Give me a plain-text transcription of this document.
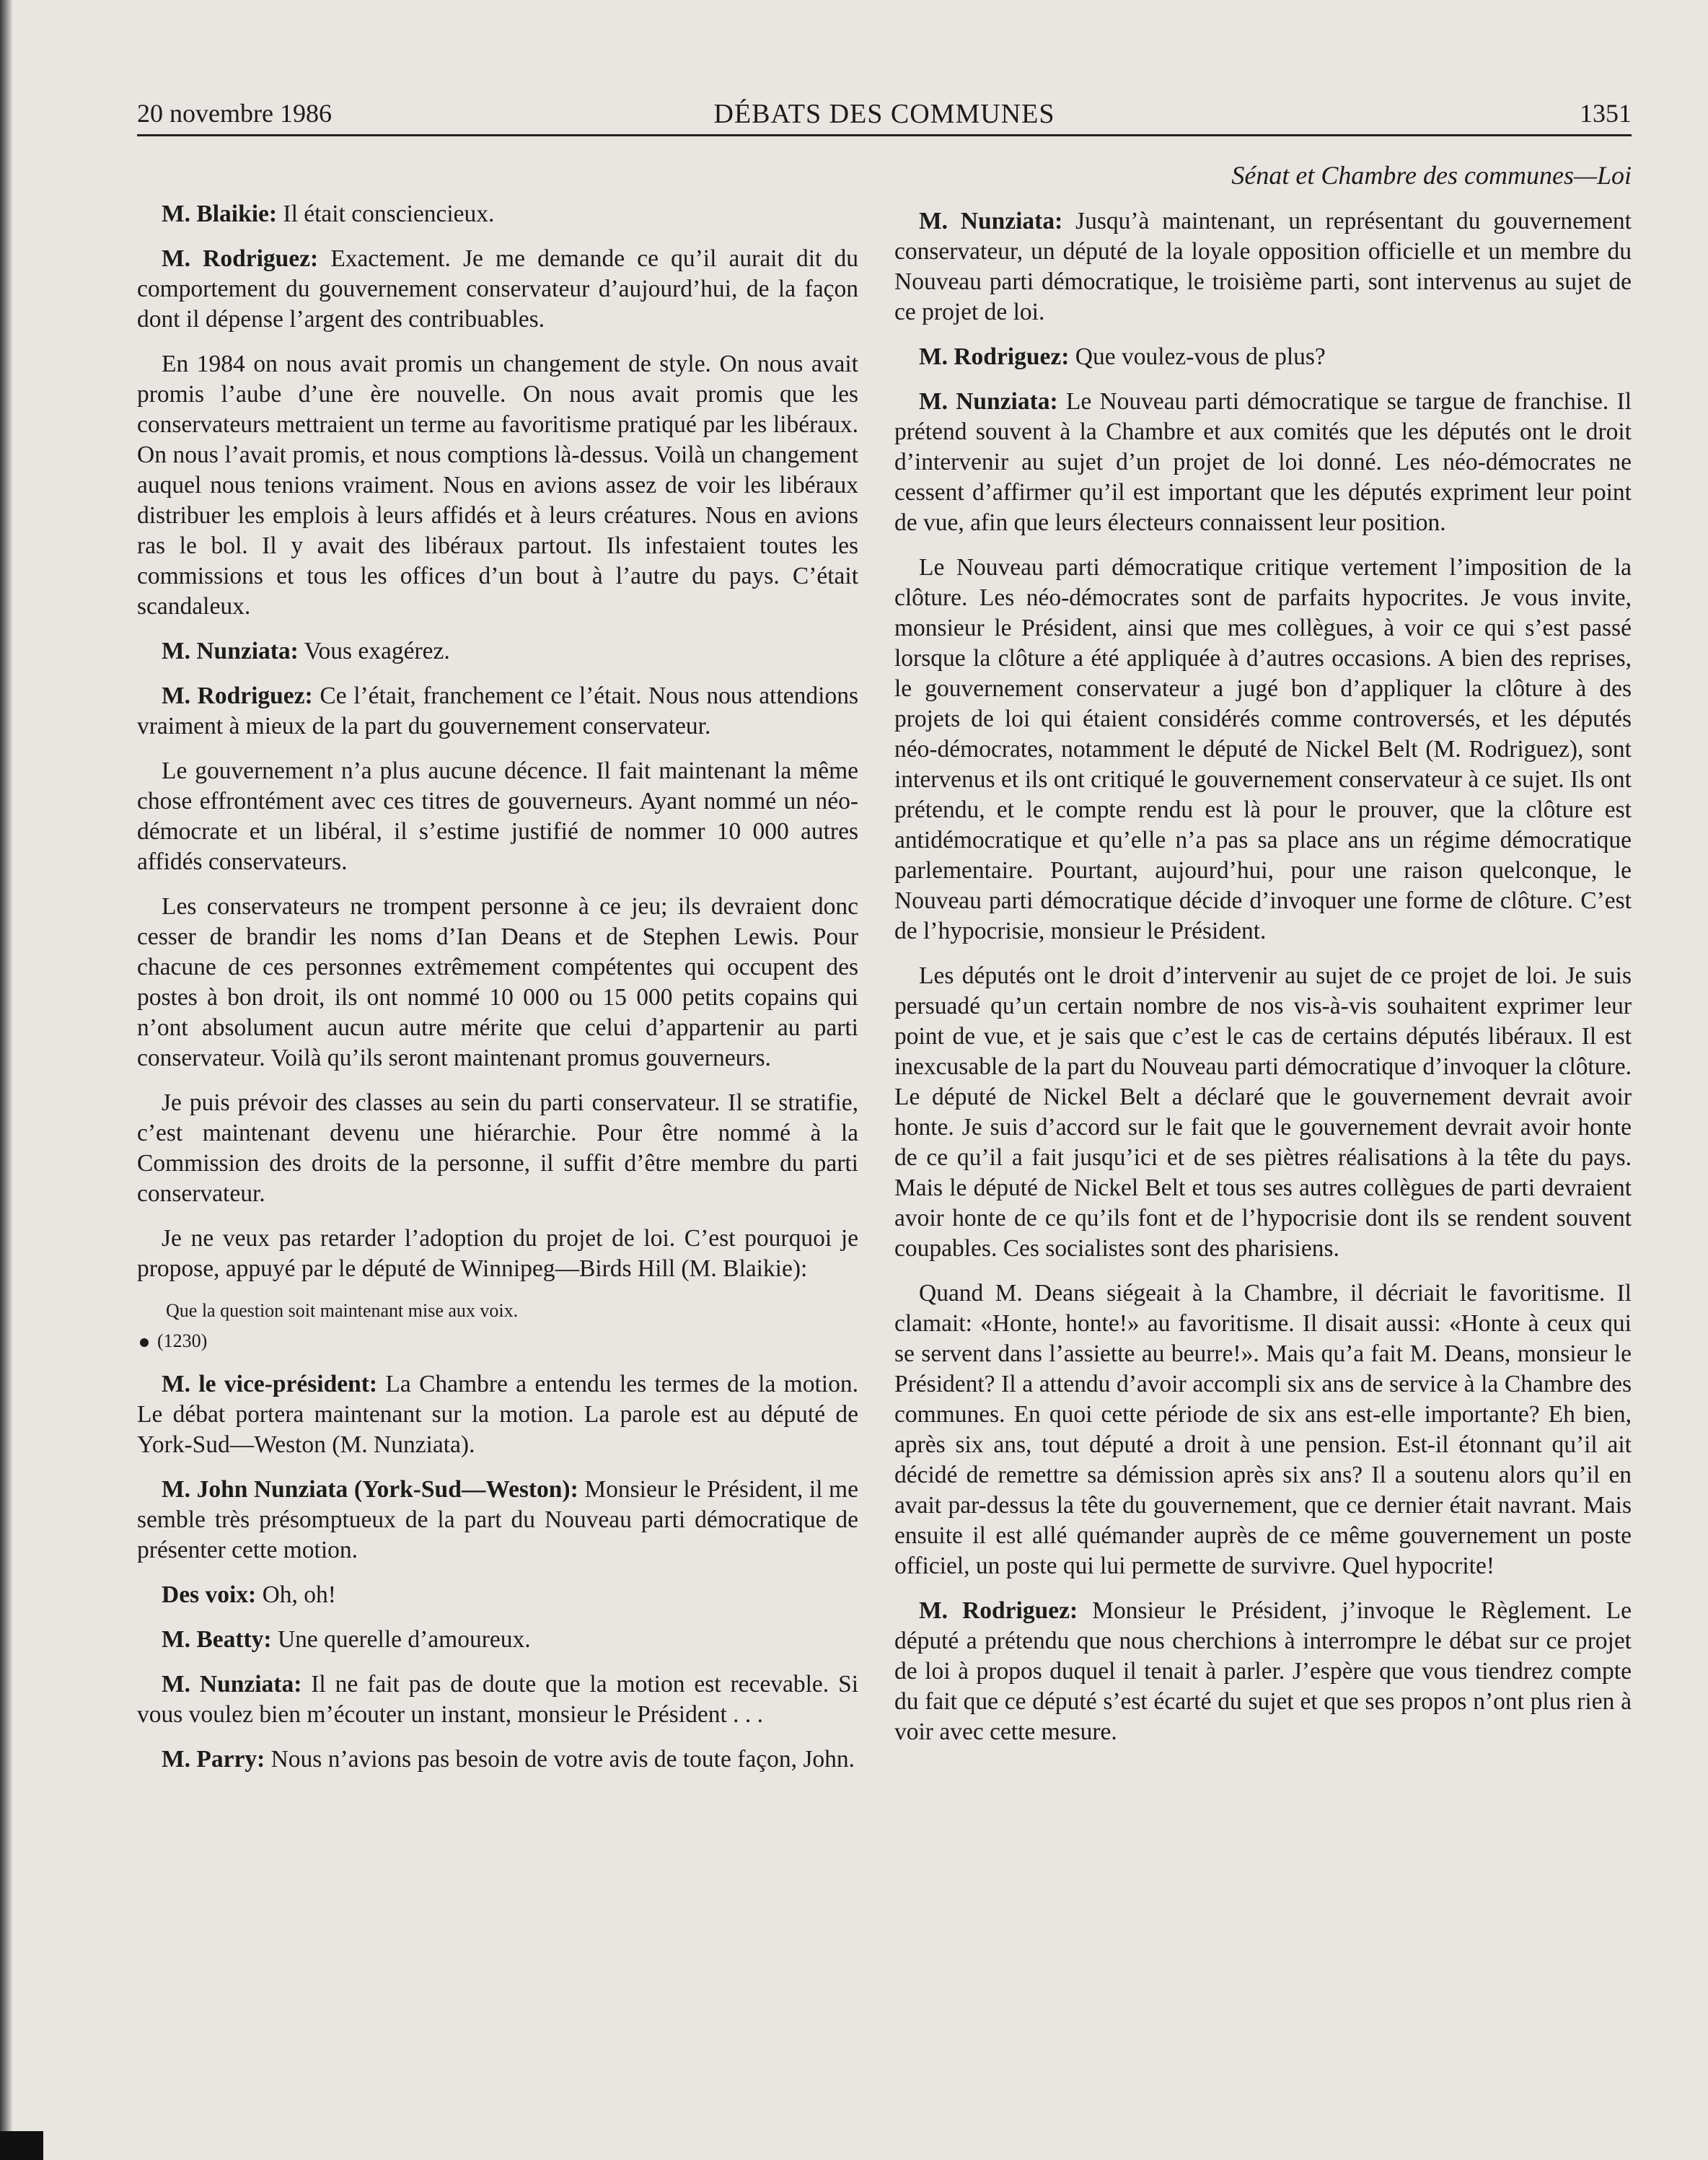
20 novembre 1986	DÉBATS DES COMMUNES	1351
Sénat et Chambre des communes—Loi

M. Blaikie: Il était consciencieux.

M. Rodriguez: Exactement. Je me demande ce qu’il aurait dit du comportement du gouvernement conservateur d’aujourd’hui, de la façon dont il dépense l’argent des contribuables.

En 1984 on nous avait promis un changement de style. On nous avait promis l’aube d’une ère nouvelle. On nous avait promis que les conservateurs mettraient un terme au favoritisme pratiqué par les libéraux. On nous l’avait promis, et nous comptions là-dessus. Voilà un changement auquel nous tenions vraiment. Nous en avions assez de voir les libéraux distribuer les emplois à leurs affidés et à leurs créatures. Nous en avions ras le bol. Il y avait des libéraux partout. Ils infestaient toutes les commissions et tous les offices d’un bout à l’autre du pays. C’était scandaleux.

M. Nunziata: Vous exagérez.

M. Rodriguez: Ce l’était, franchement ce l’était. Nous nous attendions vraiment à mieux de la part du gouvernement conservateur.

Le gouvernement n’a plus aucune décence. Il fait maintenant la même chose effrontément avec ces titres de gouverneurs. Ayant nommé un néo-démocrate et un libéral, il s’estime justifié de nommer 10 000 autres affidés conservateurs.

Les conservateurs ne trompent personne à ce jeu; ils devraient donc cesser de brandir les noms d’Ian Deans et de Stephen Lewis. Pour chacune de ces personnes extrêmement compétentes qui occupent des postes à bon droit, ils ont nommé 10 000 ou 15 000 petits copains qui n’ont absolument aucun autre mérite que celui d’appartenir au parti conservateur. Voilà qu’ils seront maintenant promus gouverneurs.

Je puis prévoir des classes au sein du parti conservateur. Il se stratifie, c’est maintenant devenu une hiérarchie. Pour être nommé à la Commission des droits de la personne, il suffit d’être membre du parti conservateur.

Je ne veux pas retarder l’adoption du projet de loi. C’est pourquoi je propose, appuyé par le député de Winnipeg—Birds Hill (M. Blaikie):

Que la question soit maintenant mise aux voix.
(1230)

M. le vice-président: La Chambre a entendu les termes de la motion. Le débat portera maintenant sur la motion. La parole est au député de York-Sud—Weston (M. Nunziata).

M. John Nunziata (York-Sud—Weston): Monsieur le Président, il me semble très présomptueux de la part du Nouveau parti démocratique de présenter cette motion.

Des voix: Oh, oh!

M. Beatty: Une querelle d’amoureux.

M. Nunziata: Il ne fait pas de doute que la motion est recevable. Si vous voulez bien m’écouter un instant, monsieur le Président . . .

M. Parry: Nous n’avions pas besoin de votre avis de toute façon, John.

M. Nunziata: Jusqu’à maintenant, un représentant du gouvernement conservateur, un député de la loyale opposition officielle et un membre du Nouveau parti démocratique, le troisième parti, sont intervenus au sujet de ce projet de loi.

M. Rodriguez: Que voulez-vous de plus?

M. Nunziata: Le Nouveau parti démocratique se targue de franchise. Il prétend souvent à la Chambre et aux comités que les députés ont le droit d’intervenir au sujet d’un projet de loi donné. Les néo-démocrates ne cessent d’affirmer qu’il est important que les députés expriment leur point de vue, afin que leurs électeurs connaissent leur position.

Le Nouveau parti démocratique critique vertement l’imposition de la clôture. Les néo-démocrates sont de parfaits hypocrites. Je vous invite, monsieur le Président, ainsi que mes collègues, à voir ce qui s’est passé lorsque la clôture a été appliquée à d’autres occasions. A bien des reprises, le gouvernement conservateur a jugé bon d’appliquer la clôture à des projets de loi qui étaient considérés comme controversés, et les députés néo-démocrates, notamment le député de Nickel Belt (M. Rodriguez), sont intervenus et ils ont critiqué le gouvernement conservateur à ce sujet. Ils ont prétendu, et le compte rendu est là pour le prouver, que la clôture est antidémocratique et qu’elle n’a pas sa place ans un régime démocratique parlementaire. Pourtant, aujourd’hui, pour une raison quelconque, le Nouveau parti démocratique décide d’invoquer une forme de clôture. C’est de l’hypocrisie, monsieur le Président.

Les députés ont le droit d’intervenir au sujet de ce projet de loi. Je suis persuadé qu’un certain nombre de nos vis-à-vis souhaitent exprimer leur point de vue, et je sais que c’est le cas de certains députés libéraux. Il est inexcusable de la part du Nouveau parti démocratique d’invoquer la clôture. Le député de Nickel Belt a déclaré que le gouvernement devrait avoir honte. Je suis d’accord sur le fait que le gouvernement devrait avoir honte de ce qu’il a fait jusqu’ici et de ses piètres réalisations à la tête du pays. Mais le député de Nickel Belt et tous ses autres collègues de parti devraient avoir honte de ce qu’ils font et de l’hypocrisie dont ils se rendent souvent coupables. Ces socialistes sont des pharisiens.

Quand M. Deans siégeait à la Chambre, il décriait le favoritisme. Il clamait: «Honte, honte!» au favoritisme. Il disait aussi: «Honte à ceux qui se servent dans l’assiette au beurre!». Mais qu’a fait M. Deans, monsieur le Président? Il a attendu d’avoir accompli six ans de service à la Chambre des communes. En quoi cette période de six ans est-elle importante? Eh bien, après six ans, tout député a droit à une pension. Est-il étonnant qu’il ait décidé de remettre sa démission après six ans? Il a soutenu alors qu’il en avait par-dessus la tête du gouvernement, que ce dernier était navrant. Mais ensuite il est allé quémander auprès de ce même gouvernement un poste officiel, un poste qui lui permette de survivre. Quel hypocrite!

M. Rodriguez: Monsieur le Président, j’invoque le Règlement. Le député a prétendu que nous cherchions à interrompre le débat sur ce projet de loi à propos duquel il tenait à parler. J’espère que vous tiendrez compte du fait que ce député s’est écarté du sujet et que ses propos n’ont plus rien à voir avec cette mesure.
